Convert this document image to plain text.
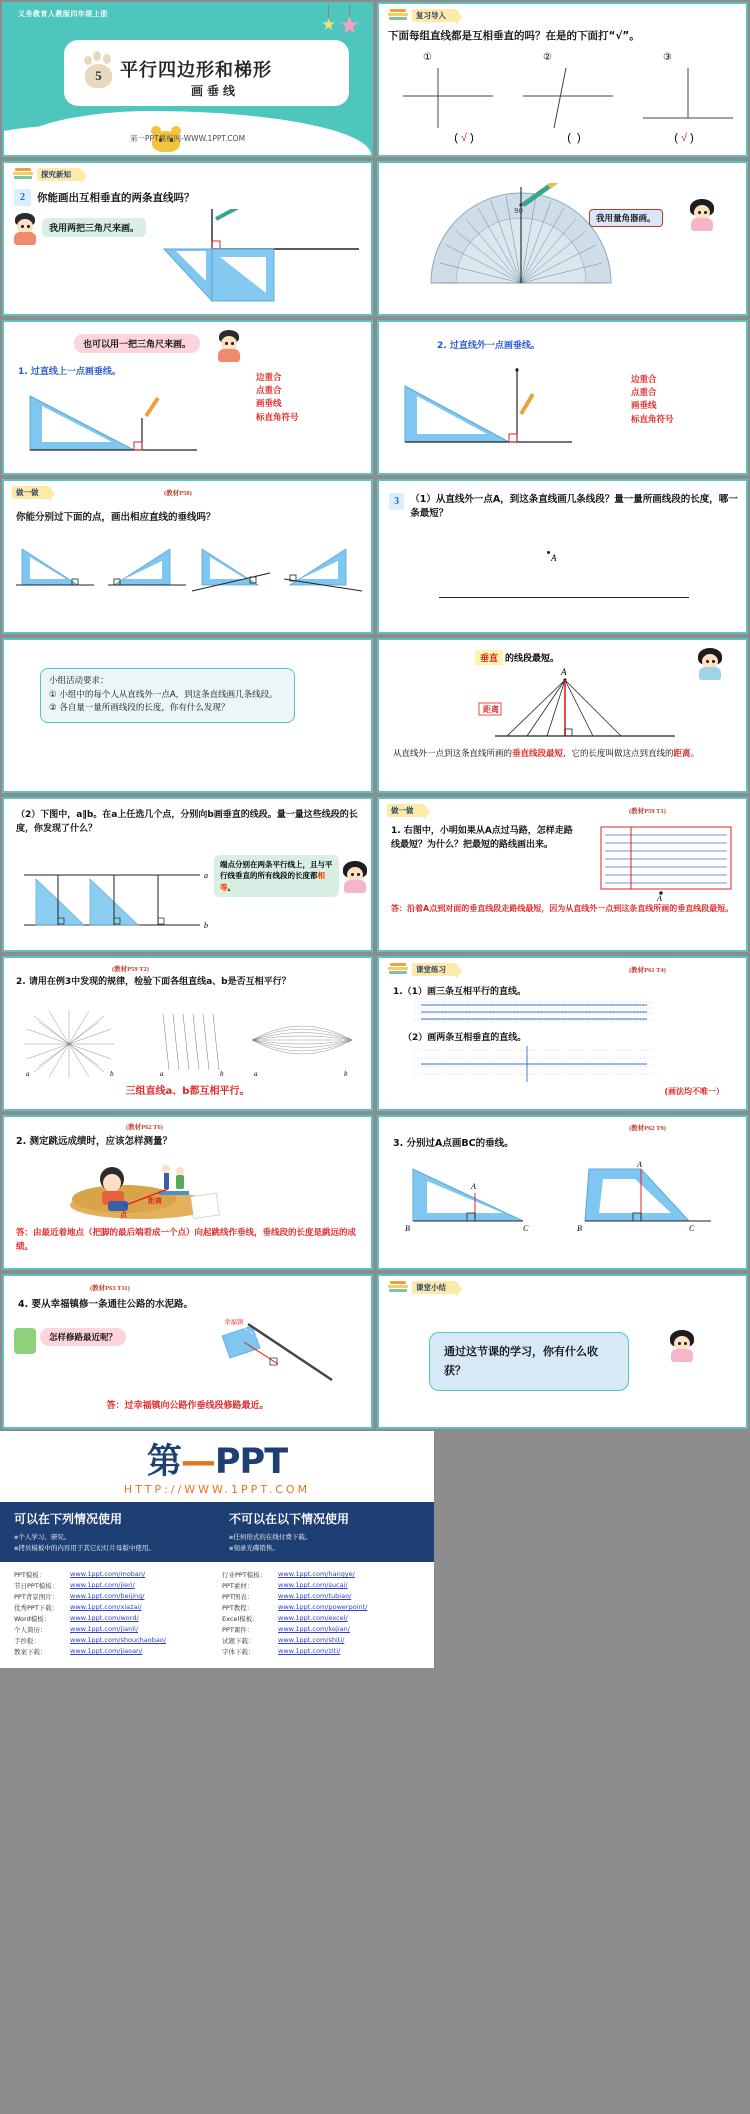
义务教育人教版四年级上册
5	平行四边形和梯形
画垂线
第一PPT模板网-WWW.1PPT.COM
复习导入
下面每组直线都是互相垂直的吗？在是的下面打“√”。
①	②	③
( √ )	(  )	( √ )
探究新知
2	你能画出互相垂直的两条直线吗？
我用两把三角尺来画。
90
我用量角器画。
也可以用一把三角尺来画。
1. 过直线上一点画垂线。
边重合
点重合
画垂线
标直角符号
2. 过直线外一点画垂线。
边重合
点重合
画垂线
标直角符号
做一做	(教材P58)
你能分别过下面的点，画出相应直线的垂线吗？
3	（1）从直线外一点A，到这条直线画几条线段？量一量所画线段的长度，哪一条最短？
A
小组活动要求：
① 小组中的每个人从直线外一点A，到这条直线画几条线段。
② 各自量一量所画线段的长度，你有什么发现？
垂直 的线段最短。
A
距离
从直线外一点到这条直线所画的垂直线段最短，它的长度叫做这点到直线的距离。
（2）下图中，a∥b。在a上任选几个点，分别向b画垂直的线段。量一量这些线段的长度，你发现了什么？
a
b
端点分别在两条平行线上，且与平行线垂直的所有线段的长度都相等。
做一做	(教材P59 T1)
1. 右图中，小明如果从A点过马路，怎样走路线最短？为什么？把最短的路线画出来。
A
答：沿着A点到对面的垂直线段走路线最短，因为从直线外一点到这条直线所画的垂直线段最短。
(教材P59 T2)
2. 请用在例3中发现的规律，检验下面各组直线a、b是否互相平行？
a	b	a	b	a	b
三组直线a、b都互相平行。
课堂练习	(教材P61 T4)
1.（1）画三条互相平行的直线。
（2）画两条互相垂直的直线。
(画法均不唯一）
(教材P62 T6)
2. 测定跳远成绩时，应该怎样测量？
距离
点
答：由最近着地点（把脚的最后端看成一个点）向起跳线作垂线，垂线段的长度是跳远的成绩。
(教材P62 T9)
3. 分别过A点画BC的垂线。
B	C
A
B	C
A
(教材P63 T11)
4. 要从幸福镇修一条通往公路的水泥路。
怎样修路最近呢？
幸福镇
答：过幸福镇向公路作垂线段修路最近。
课堂小结
通过这节课的学习，你有什么收获？
第—PPT
HTTP://WWW.1PPT.COM
可以在下列情况使用
▪ 个人学习、研究。
▪ 拷贝模板中的内容用于其它幻灯片母版中使用。
不可以在以下情况使用
▪ 任何形式的在线付费下载。
▪ 刻录光碟销售。
PPT模板：	www.1ppt.com/moban/
节日PPT模板：	www.1ppt.com/jieri/
PPT背景图片：	www.1ppt.com/beijing/
优秀PPT下载：	www.1ppt.com/xiazai/
Word模板：	www.1ppt.com/word/
个人简历：	www.1ppt.com/jianli/
手抄报：	www.1ppt.com/shouchaobao/
教案下载：	www.1ppt.com/jiaoan/
行业PPT模板：	www.1ppt.com/hangye/
PPT素材：	www.1ppt.com/sucai/
PPT图表：	www.1ppt.com/tubiao/
PPT教程：	www.1ppt.com/powerpoint/
Excel模板：	www.1ppt.com/excel/
PPT课件：	www.1ppt.com/kejian/
试题下载：	www.1ppt.com/shiti/
字体下载：	www.1ppt.com/ziti/
